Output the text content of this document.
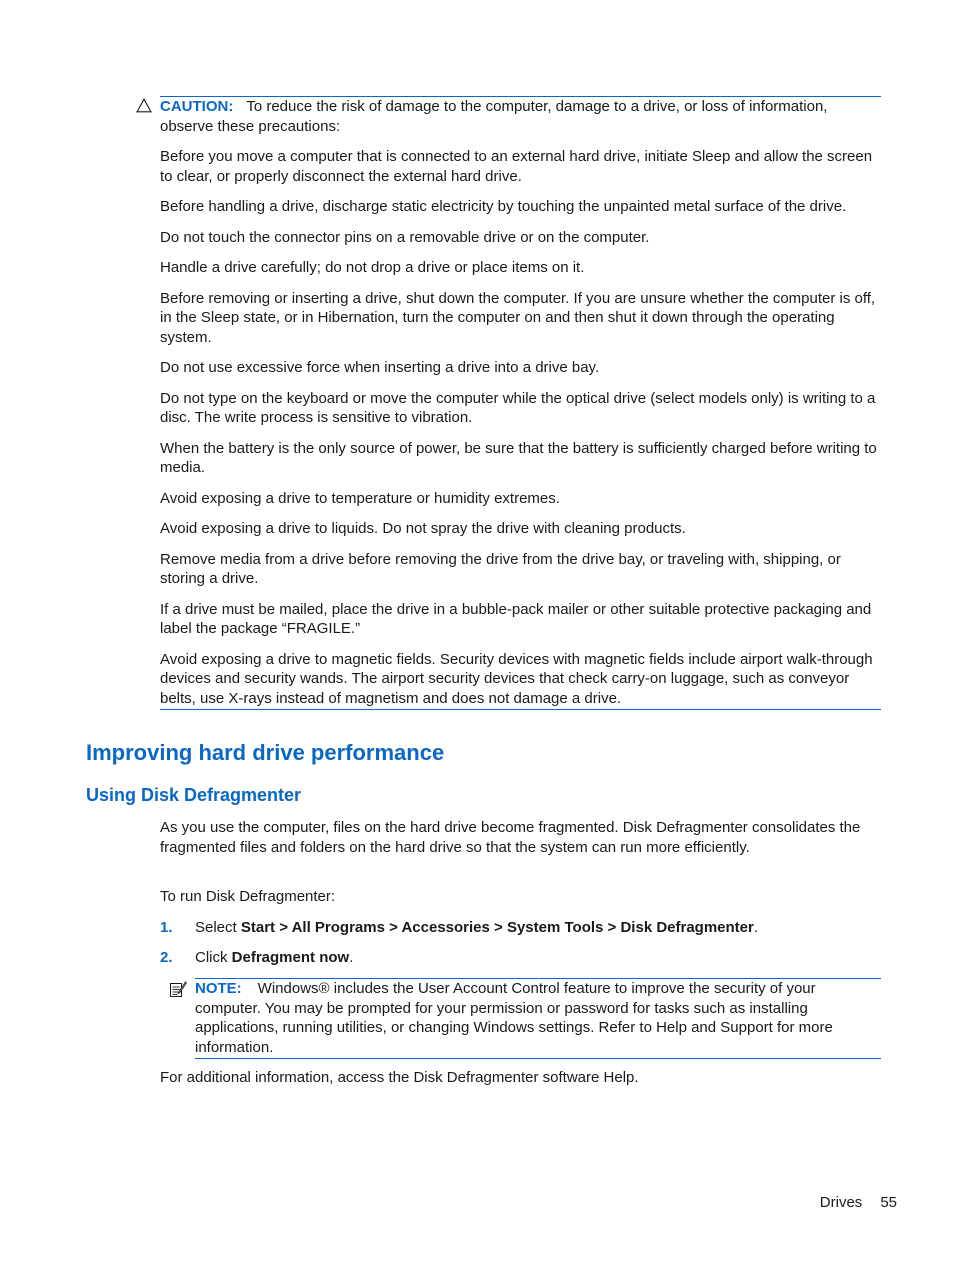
CAUTION: To reduce the risk of damage to the computer, damage to a drive, or loss of information, observe these precautions:

Before you move a computer that is connected to an external hard drive, initiate Sleep and allow the screen to clear, or properly disconnect the external hard drive.

Before handling a drive, discharge static electricity by touching the unpainted metal surface of the drive.

Do not touch the connector pins on a removable drive or on the computer.

Handle a drive carefully; do not drop a drive or place items on it.

Before removing or inserting a drive, shut down the computer. If you are unsure whether the computer is off, in the Sleep state, or in Hibernation, turn the computer on and then shut it down through the operating system.

Do not use excessive force when inserting a drive into a drive bay.

Do not type on the keyboard or move the computer while the optical drive (select models only) is writing to a disc. The write process is sensitive to vibration.

When the battery is the only source of power, be sure that the battery is sufficiently charged before writing to media.

Avoid exposing a drive to temperature or humidity extremes.

Avoid exposing a drive to liquids. Do not spray the drive with cleaning products.

Remove media from a drive before removing the drive from the drive bay, or traveling with, shipping, or storing a drive.

If a drive must be mailed, place the drive in a bubble-pack mailer or other suitable protective packaging and label the package “FRAGILE.”

Avoid exposing a drive to magnetic fields. Security devices with magnetic fields include airport walk-through devices and security wands. The airport security devices that check carry-on luggage, such as conveyor belts, use X-rays instead of magnetism and does not damage a drive.

Improving hard drive performance
Using Disk Defragmenter

As you use the computer, files on the hard drive become fragmented. Disk Defragmenter consolidates the fragmented files and folders on the hard drive so that the system can run more efficiently.

To run Disk Defragmenter:

1. Select Start > All Programs > Accessories > System Tools > Disk Defragmenter.
2. Click Defragment now.

NOTE: Windows® includes the User Account Control feature to improve the security of your computer. You may be prompted for your permission or password for tasks such as installing applications, running utilities, or changing Windows settings. Refer to Help and Support for more information.

For additional information, access the Disk Defragmenter software Help.

Drives 55
